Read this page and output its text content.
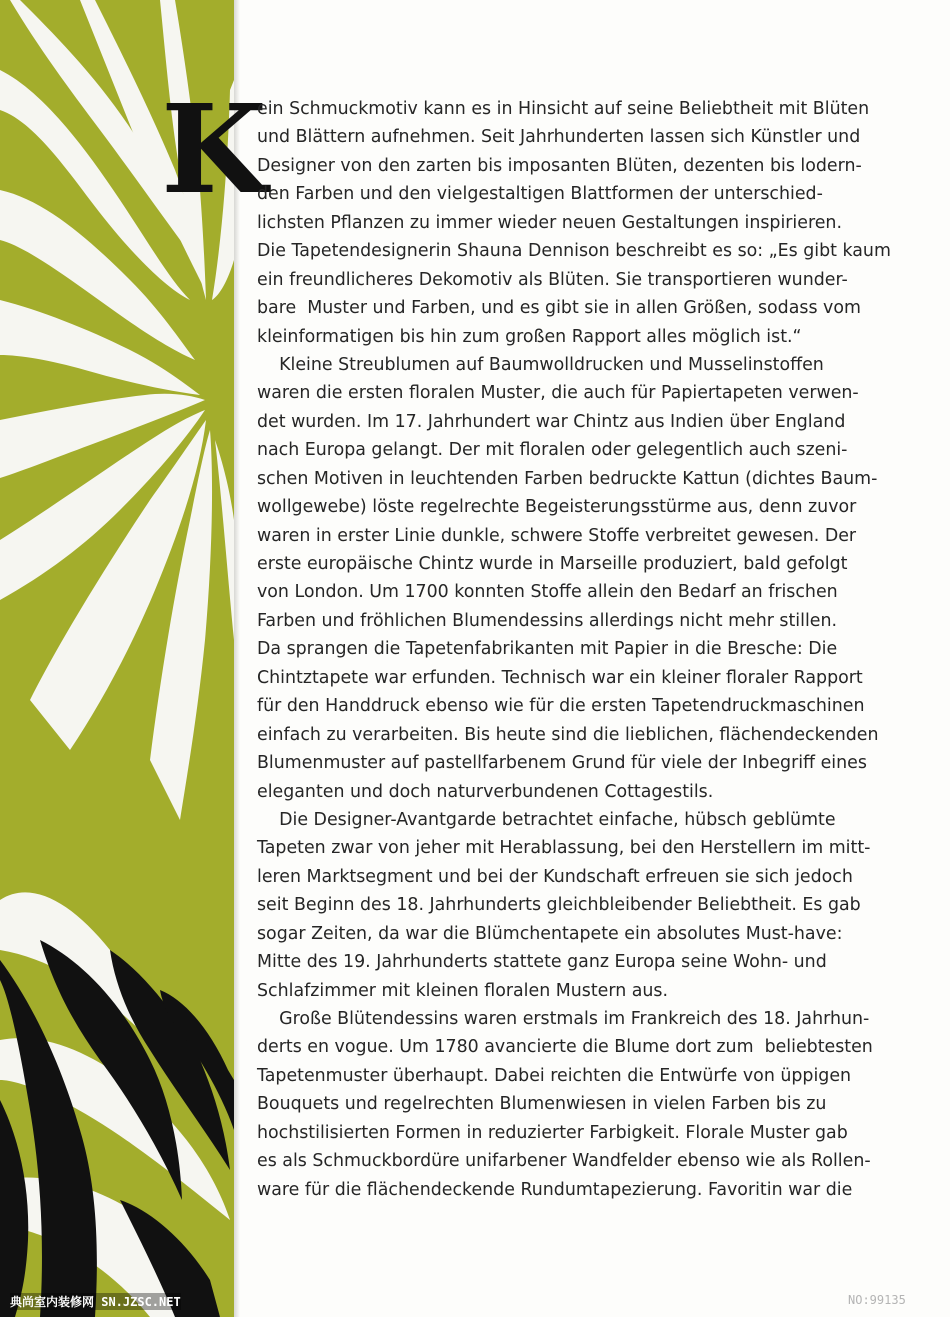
K
ein Schmuckmotiv kann es in Hinsicht auf seine Beliebtheit mit Blüten
und Blättern aufnehmen. Seit Jahrhunderten lassen sich Künstler und
Designer von den zarten bis imposanten Blüten, dezenten bis lodern-
den Farben und den vielgestaltigen Blattformen der unterschied-
lichsten Pflanzen zu immer wieder neuen Gestaltungen inspirieren.
Die Tapetendesignerin Shauna Dennison beschreibt es so: „Es gibt kaum
ein freundlicheres Dekomotiv als Blüten. Sie transportieren wunder-
bare  Muster und Farben, und es gibt sie in allen Größen, sodass vom
kleinformatigen bis hin zum großen Rapport alles möglich ist.“
Kleine Streublumen auf Baumwolldrucken und Musselinstoffen
waren die ersten floralen Muster, die auch für Papiertapeten verwen-
det wurden. Im 17. Jahrhundert war Chintz aus Indien über England
nach Europa gelangt. Der mit floralen oder gelegentlich auch szeni-
schen Motiven in leuchtenden Farben bedruckte Kattun (dichtes Baum-
wollgewebe) löste regelrechte Begeisterungsstürme aus, denn zuvor
waren in erster Linie dunkle, schwere Stoffe verbreitet gewesen. Der
erste europäische Chintz wurde in Marseille produziert, bald gefolgt
von London. Um 1700 konnten Stoffe allein den Bedarf an frischen
Farben und fröhlichen Blumendessins allerdings nicht mehr stillen.
Da sprangen die Tapetenfabrikanten mit Papier in die Bresche: Die
Chintztapete war erfunden. Technisch war ein kleiner floraler Rapport
für den Handdruck ebenso wie für die ersten Tapetendruckmaschinen
einfach zu verarbeiten. Bis heute sind die lieblichen, flächendeckenden
Blumenmuster auf pastellfarbenem Grund für viele der Inbegriff eines
eleganten und doch naturverbundenen Cottagestils.
Die Designer-Avantgarde betrachtet einfache, hübsch geblümte
Tapeten zwar von jeher mit Herablassung, bei den Herstellern im mitt-
leren Marktsegment und bei der Kundschaft erfreuen sie sich jedoch
seit Beginn des 18. Jahrhunderts gleichbleibender Beliebtheit. Es gab
sogar Zeiten, da war die Blümchentapete ein absolutes Must-have:
Mitte des 19. Jahrhunderts stattete ganz Europa seine Wohn- und
Schlafzimmer mit kleinen floralen Mustern aus.
Große Blütendessins waren erstmals im Frankreich des 18. Jahrhun-
derts en vogue. Um 1780 avancierte die Blume dort zum  beliebtesten
Tapetenmuster überhaupt. Dabei reichten die Entwürfe von üppigen
Bouquets und regelrechten Blumenwiesen in vielen Farben bis zu
hochstilisierten Formen in reduzierter Farbigkeit. Florale Muster gab
es als Schmuckbordüre unifarbener Wandfelder ebenso wie als Rollen-
ware für die flächendeckende Rundumtapezierung. Favoritin war die
典尚室内装修网 SN.JZSC.NET	NO:99135
